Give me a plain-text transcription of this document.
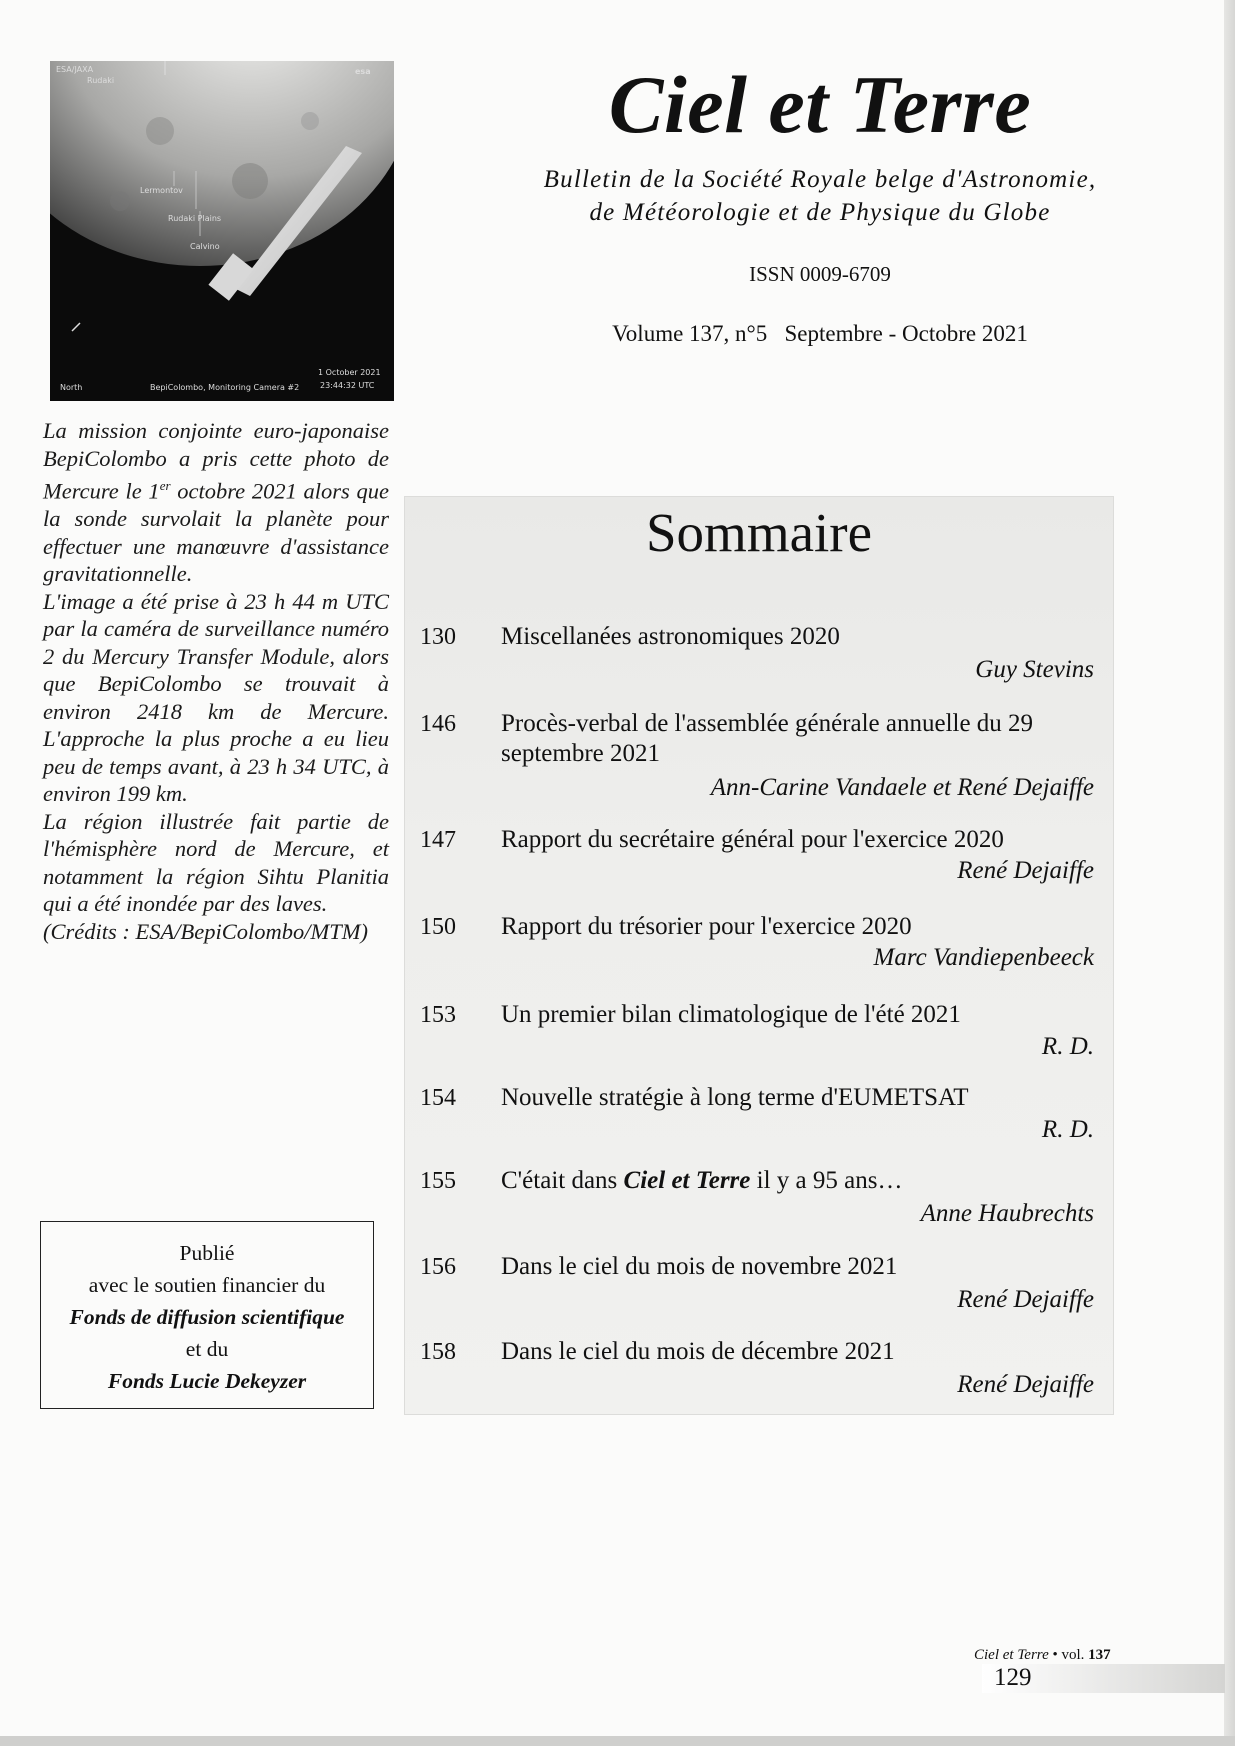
ESA/JAXA
Rudaki
esa
Lermontov
Rudaki Plains
Calvino
North	BepiColombo, Monitoring Camera #2
1 October 2021
23:44:32 UTC
Ciel et Terre
Bulletin de la Société Royale belge d'Astronomie,
de Météorologie et de Physique du Globe
ISSN 0009-6709
Volume 137, n°5   Septembre - Octobre 2021

La mission conjointe euro-japonaise BepiColombo a pris cette photo de Mercure le 1er octobre 2021 alors que la sonde survolait la planète pour effectuer une manœuvre d'assistance gravitationnelle.

L'image a été prise à 23 h 44 m UTC par la caméra de surveillance numéro 2 du Mercury Transfer Module, alors que BepiColombo se trouvait à environ 2418 km de Mercure. L'approche la plus proche a eu lieu peu de temps avant, à 23 h 34 UTC, à environ 199 km.

La région illustrée fait partie de l'hémisphère nord de Mercure, et notamment la région Sihtu Planitia qui a été inondée par des laves.

(Crédits : ESA/BepiColombo/MTM)

Publié
avec le soutien financier du
Fonds de diffusion scientifique
et du
Fonds Lucie Dekeyzer
Sommaire
130 Miscellanées astronomiques 2020
Guy Stevins
146 Procès-verbal de l'assemblée générale annuelle du 29 septembre 2021
Ann-Carine Vandaele et René Dejaiffe
147 Rapport du secrétaire général pour l'exercice 2020
René Dejaiffe
150 Rapport du trésorier pour l'exercice 2020
Marc Vandiepenbeeck
153 Un premier bilan climatologique de l'été 2021
R. D.
154 Nouvelle stratégie à long terme d'EUMETSAT
R. D.
155 C'était dans Ciel et Terre il y a 95 ans…
Anne Haubrechts
156 Dans le ciel du mois de novembre 2021
René Dejaiffe
158 Dans le ciel du mois de décembre 2021
René Dejaiffe
Ciel et Terre • vol. 137
129
